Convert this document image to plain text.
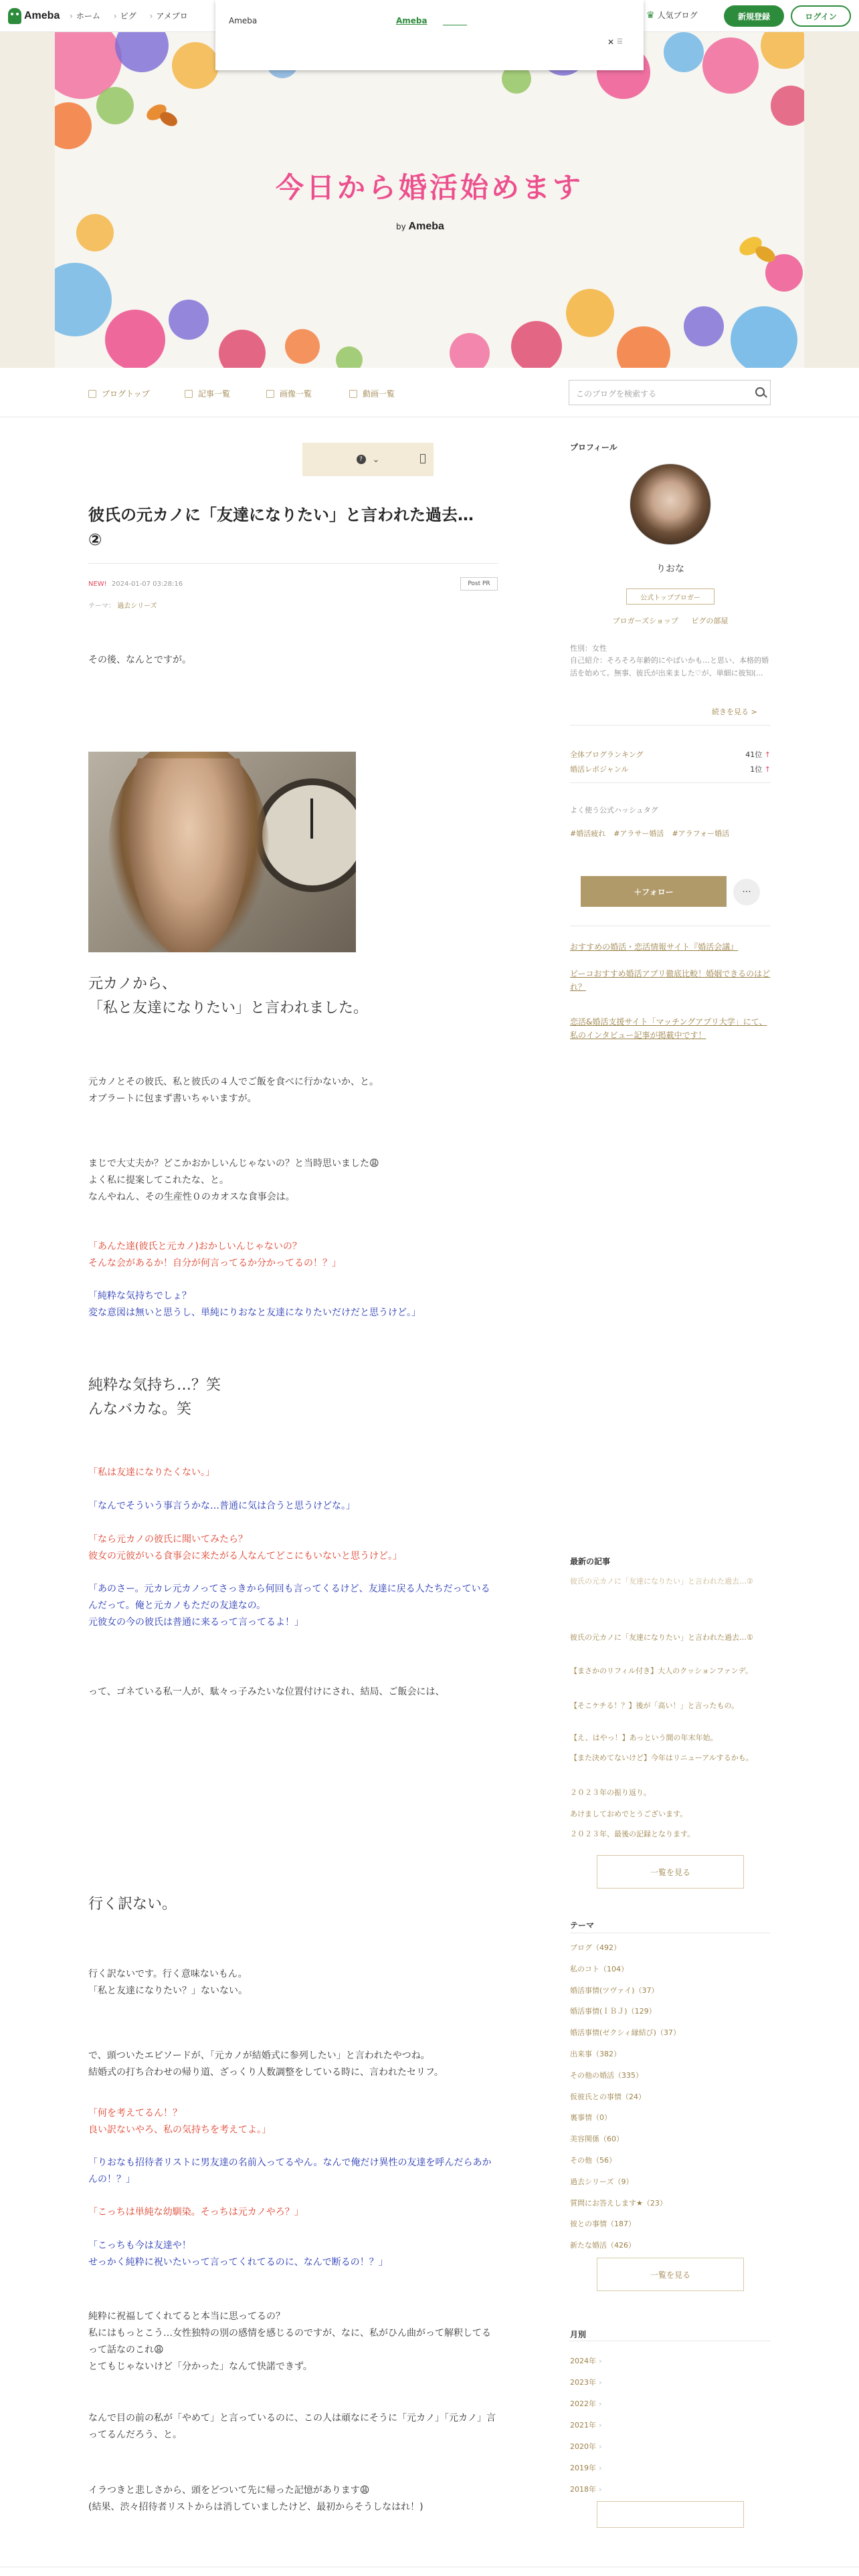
Ameba	› ホーム	› ピグ	› アメブロ	♛ 人気ブログ	新規登録	ログイン
Ameba	Ameba
✕ ☰
今日から婚活始めます
by Ameba
ブログトップ	記事一覧	画像一覧	動画一覧	このブログを検索する
?	⌄
彼氏の元カノに「友達になりたい」と言われた過去…②
NEW! 2024-01-07 03:28:16	Post PR
テーマ： 過去シリーズ
その後、なんとですが。
元カノから、
「私と友達になりたい」と言われました。
元カノとその彼氏、私と彼氏の４人でご飯を食べに行かないか、と。
オブラートに包まず書いちゃいますが。
まじで大丈夫か？どこかおかしいんじゃないの？と当時思いました😩
よく私に提案してこれたな、と。
なんやねん、その生産性０のカオスな食事会は。
「あんた達(彼氏と元カノ)おかしいんじゃないの？
そんな会があるか！自分が何言ってるか分かってるの！？」
「純粋な気持ちでしょ？
変な意図は無いと思うし、単純にりおなと友達になりたいだけだと思うけど。」
純粋な気持ち…？笑
んなバカな。笑
「私は友達になりたくない。」
「なんでそういう事言うかな…普通に気は合うと思うけどな。」
「なら元カノの彼氏に聞いてみたら？
彼女の元彼がいる食事会に来たがる人なんてどこにもいないと思うけど。」
「あのさー。元カレ元カノってさっきから何回も言ってくるけど、友達に戻る人たちだっているんだって。俺と元カノもただの友達なの。
元彼女の今の彼氏は普通に来るって言ってるよ！」
って、ゴネている私一人が、駄々っ子みたいな位置付けにされ、結局、ご飯会には、
行く訳ない。
行く訳ないです。行く意味ないもん。
「私と友達になりたい？」ないない。
で、頭ついたエピソードが、「元カノが結婚式に参列したい」と言われたやつね。
結婚式の打ち合わせの帰り道、ざっくり人数調整をしている時に、言われたセリフ。
「何を考えてるん！？
良い訳ないやろ、私の気持ちを考えてよ。」
「りおなも招待者リストに男友達の名前入ってるやん。なんで俺だけ異性の友達を呼んだらあかんの！？」
「こっちは単純な幼馴染。そっちは元カノやろ？」
「こっちも今は友達や！
せっかく純粋に祝いたいって言ってくれてるのに、なんで断るの！？」
純粋に祝福してくれてると本当に思ってるの？
私にはもっとこう…女性独特の別の感情を感じるのですが、なに、私がひん曲がって解釈してるって話なのこれ😩
とてもじゃないけど「分かった」なんて快諾できず。
なんで目の前の私が「やめて」と言っているのに、この人は頑なにそうに「元カノ」「元カノ」言ってるんだろう、と。
イラつきと悲しさから、頭をどついて先に帰った記憶があります😩
(結果、渋々招待者リストからは消していましたけど、最初からそうしなはれ！)
プロフィール
りおな
公式トップブロガー
ブロガーズショップ ピグの部屋
性別：女性
自己紹介：そろそろ年齢的にやばいかも…と思い、本格的婚活を始めて。無事、彼氏が出来ました♡が、単細に彼知(...
続きを見る >
全体ブログランキング	41位 ↑
婚活レポジャンル	1位 ↑
よく使う公式ハッシュタグ
#婚活疲れ #アラサー婚活 #アラフォー婚活
＋フォロー	···
おすすめの婚活・恋活情報サイト『婚活会議』
ピーコおすすめ婚活アプリ徹底比較！婚姻できるのはどれ？
恋活&婚活支援サイト「マッチングアプリ大学」にて、私のインタビュー記事が掲載中です！
最新の記事
彼氏の元カノに「友達になりたい」と言われた過去…②
彼氏の元カノに「友達になりたい」と言われた過去…①
【まさかのリフィル付き】大人のクッションファンデ。
【そこケチる！？】後が「高い！」と言ったもの。
【え、はやっ！】あっという間の年末年始。
【また決めてないけど】今年はリニューアルするかも。
２０２３年の振り返り。
あけましておめでとうございます。
２０２３年、最後の記録となります。
一覧を見る
テーマ
ブログ（492）
私のコト（104）
婚活事情(ツヴァイ)（37）
婚活事情(ＩＢＪ)（129）
婚活事情(ゼクシィ縁結び)（37）
出来事（382）
その他の婚活（335）
仮彼氏との事情（24）
裏事情（0）
美容関係（60）
その他（56）
過去シリーズ（9）
質問にお答えします★（23）
彼との事情（187）
新たな婚活（426）
一覧を見る
月別
2024年 ›
2023年 ›
2022年 ›
2021年 ›
2020年 ›
2019年 ›
2018年 ›
